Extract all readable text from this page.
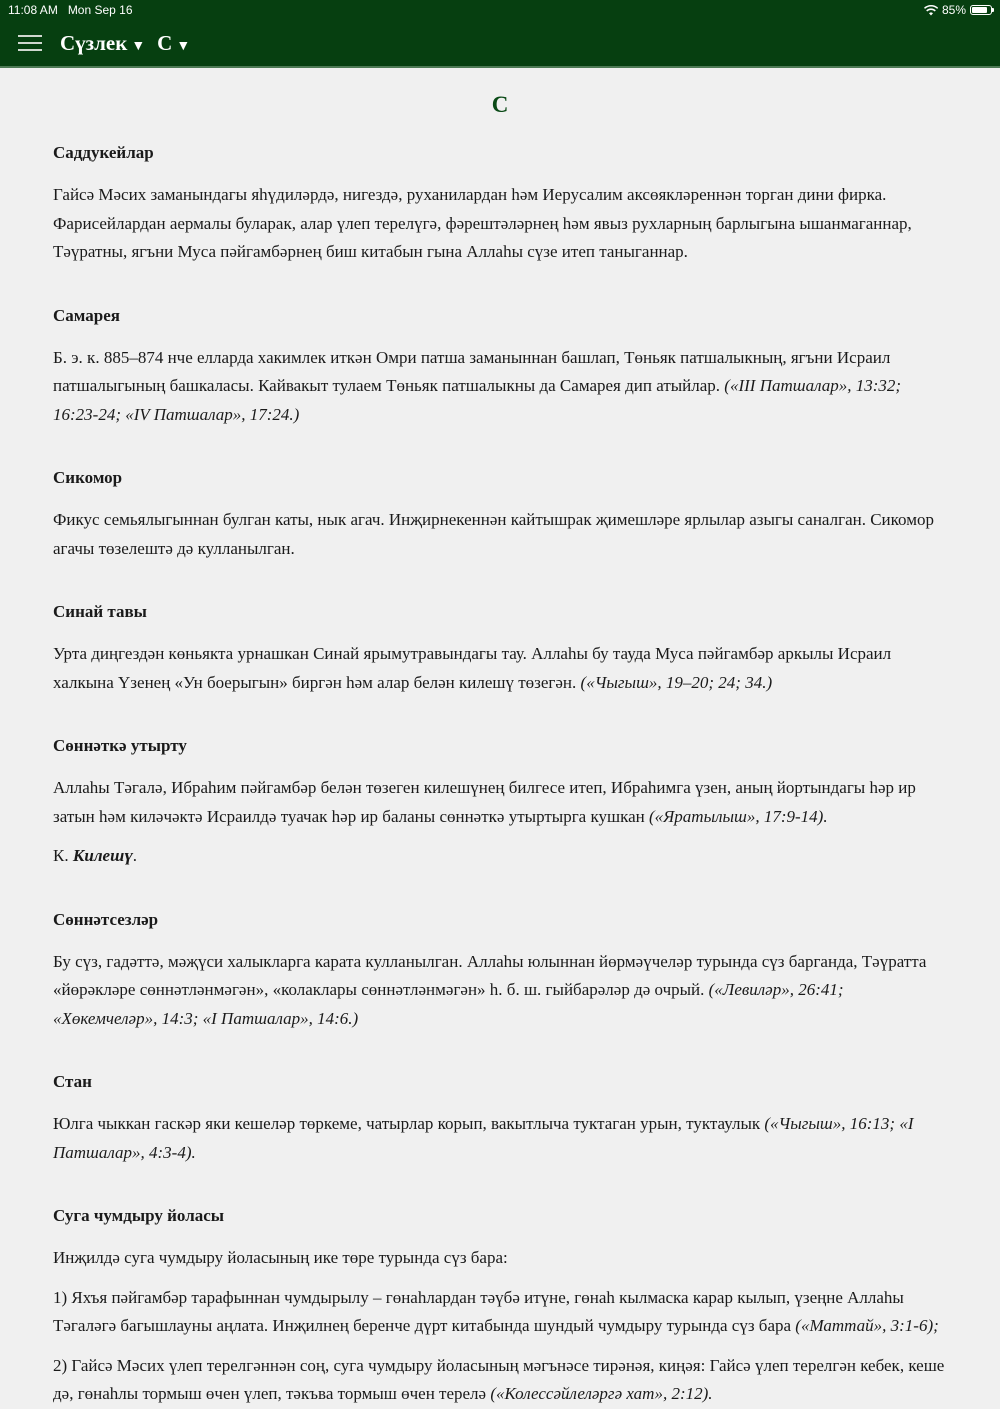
11:08 AM Mon Sep 16	85%
Сүзлек ▼ С ▼
С
Саддукейлар

Гайсә Мәсих заманындагы яһүдиләрдә, нигездә, руханилардан һәм Иерусалим аксөякләреннән торган дини фирка. Фарисейлардан аермалы буларак, алар үлеп терелүгә, фәрештәләрнең һәм явыз рухларның барлыгына ышанмаганнар, Тәүратны, ягъни Муса пәйгамбәрнең биш китабын гына Аллаһы сүзе итеп таныганнар.

Самарея

Б. э. к. 885–874 нче елларда хакимлек иткән Омри патша заманыннан башлап, Төньяк патшалыкның, ягъни Исраил патшалыгының башкаласы. Кайвакыт тулаем Төньяк патшалыкны да Самарея дип атыйлар. («III Патшалар», 13:32; 16:23-24; «IV Патшалар», 17:24.)

Сикомор

Фикус семьялыгыннан булган каты, нык агач. Инҗирнекеннән кайтышрак җимешләре ярлылар азыгы саналган. Сикомор агачы төзелештә дә кулланылган.

Синай тавы

Урта диңгездән көньякта урнашкан Синай ярымутравындагы тау. Аллаһы бу тауда Муса пәйгамбәр аркылы Исраил халкына Үзенең «Ун боерыгын» биргән һәм алар белән килешү төзегән. («Чыгыш», 19–20; 24; 34.)

Сөннәткә утырту

Аллаһы Тәгалә, Ибраһим пәйгамбәр белән төзеген килешүнең билгесе итеп, Ибраһимга үзен, аның йортындагы һәр ир затын һәм киләчәктә Исраилдә туачак һәр ир баланы сөннәткә утыртырга кушкан («Яратылыш», 17:9-14).

К. Килешү.

Сөннәтсезләр

Бу сүз, гадәттә, мәҗүси халыкларга карата кулланылган. Аллаһы юлыннан йөрмәүчеләр турында сүз барганда, Тәүратта «йөрәкләре сөннәтләнмәгән», «колаклары сөннәтләнмәгән» һ. б. ш. гыйбарәләр дә очрый. («Левиләр», 26:41; «Хөкемчеләр», 14:3; «I Патшалар», 14:6.)

Стан

Юлга чыккан гаскәр яки кешеләр төркеме, чатырлар корып, вакытлыча туктаган урын, туктаулык («Чыгыш», 16:13; «I Патшалар», 4:3-4).

Суга чумдыру йоласы

Инҗилдә суга чумдыру йоласының ике төре турында сүз бара:

1) Яхъя пәйгамбәр тарафыннан чумдырылу – гөнаһлардан тәүбә итүне, гөнаһ кылмаска карар кылып, үзеңне Аллаһы Тәгаләгә багышлауны аңлата. Инҗилнең беренче дүрт китабында шундый чумдыру турында сүз бара («Маттай», 3:1-6);

2) Гайсә Мәсих үлеп терелгәннән соң, суга чумдыру йоласының мәгънәсе тирәнәя, киңәя: Гайсә үлеп терелгән кебек, кеше дә, гөнаһлы тормыш өчен үлеп, тәкъва тормыш өчен терелә («Колессәйлеләргә хат», 2:12).
